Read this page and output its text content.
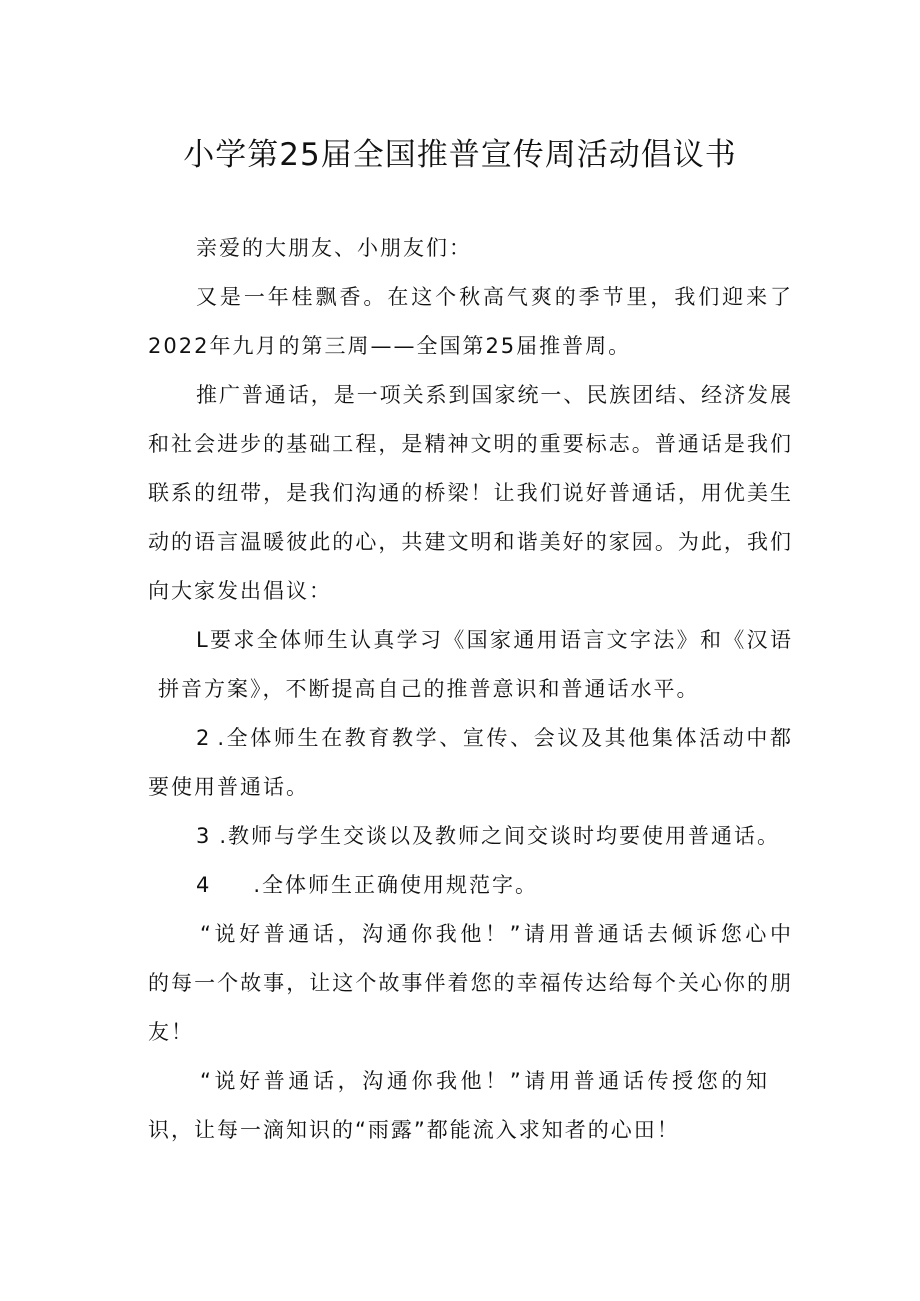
小学第25届全国推普宣传周活动倡议书

亲爱的大朋友、小朋友们：

又是一年桂飘香。在这个秋高气爽的季节里，我们迎来了

2022年九月的第三周——全国第25届推普周。

推广普通话，是一项关系到国家统一、民族团结、经济发展

和社会进步的基础工程，是精神文明的重要标志。普通话是我们

联系的纽带，是我们沟通的桥梁！让我们说好普通话，用优美生

动的语言温暖彼此的心，共建文明和谐美好的家园。为此，我们

向大家发出倡议：

L要求全体师生认真学习《国家通用语言文字法》和《汉语

拼音方案》，不断提高自己的推普意识和普通话水平。

2 .全体师生在教育教学、宣传、会议及其他集体活动中都

要使用普通话。

3 .教师与学生交谈以及教师之间交谈时均要使用普通话。

4 .全体师生正确使用规范字。

“说好普通话，沟通你我他！”请用普通话去倾诉您心中

的每一个故事，让这个故事伴着您的幸福传达给每个关心你的朋

友！

“说好普通话，沟通你我他！”请用普通话传授您的知

识，让每一滴知识的“雨露”都能流入求知者的心田！
